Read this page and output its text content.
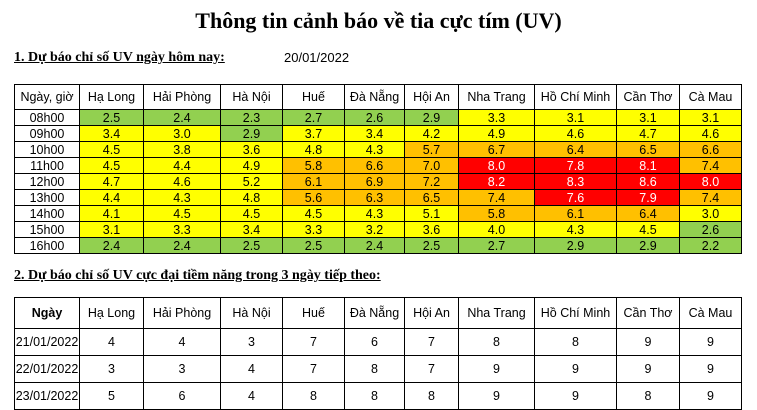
Thông tin cảnh báo về tia cực tím (UV)
1. Dự báo chỉ số UV ngày hôm nay:	20/01/2022
Ngày, giờ	Hạ Long	Hải Phòng	Hà Nội	Huế	Đà Nẵng	Hội An	Nha Trang	Hồ Chí Minh	Cần Thơ	Cà Mau
08h00	2.5	2.4	2.3	2.7	2.6	2.9	3.3	3.1	3.1	3.1
09h00	3.4	3.0	2.9	3.7	3.4	4.2	4.9	4.6	4.7	4.6
10h00	4.5	3.8	3.6	4.8	4.3	5.7	6.7	6.4	6.5	6.6
11h00	4.5	4.4	4.9	5.8	6.6	7.0	8.0	7.8	8.1	7.4
12h00	4.7	4.6	5.2	6.1	6.9	7.2	8.2	8.3	8.6	8.0
13h00	4.4	4.3	4.8	5.6	6.3	6.5	7.4	7.6	7.9	7.4
14h00	4.1	4.5	4.5	4.5	4.3	5.1	5.8	6.1	6.4	3.0
15h00	3.1	3.3	3.4	3.3	3.2	3.6	4.0	4.3	4.5	2.6
16h00	2.4	2.4	2.5	2.5	2.4	2.5	2.7	2.9	2.9	2.2
2. Dự báo chỉ số UV cực đại tiềm năng trong 3 ngày tiếp theo:
Ngày	Hạ Long	Hải Phòng	Hà Nội	Huế	Đà Nẵng	Hội An	Nha Trang	Hồ Chí Minh	Cần Thơ	Cà Mau
21/01/2022	4	4	3	7	6	7	8	8	9	9
22/01/2022	3	3	4	7	8	7	9	9	9	9
23/01/2022	5	6	4	8	8	8	9	9	8	9
